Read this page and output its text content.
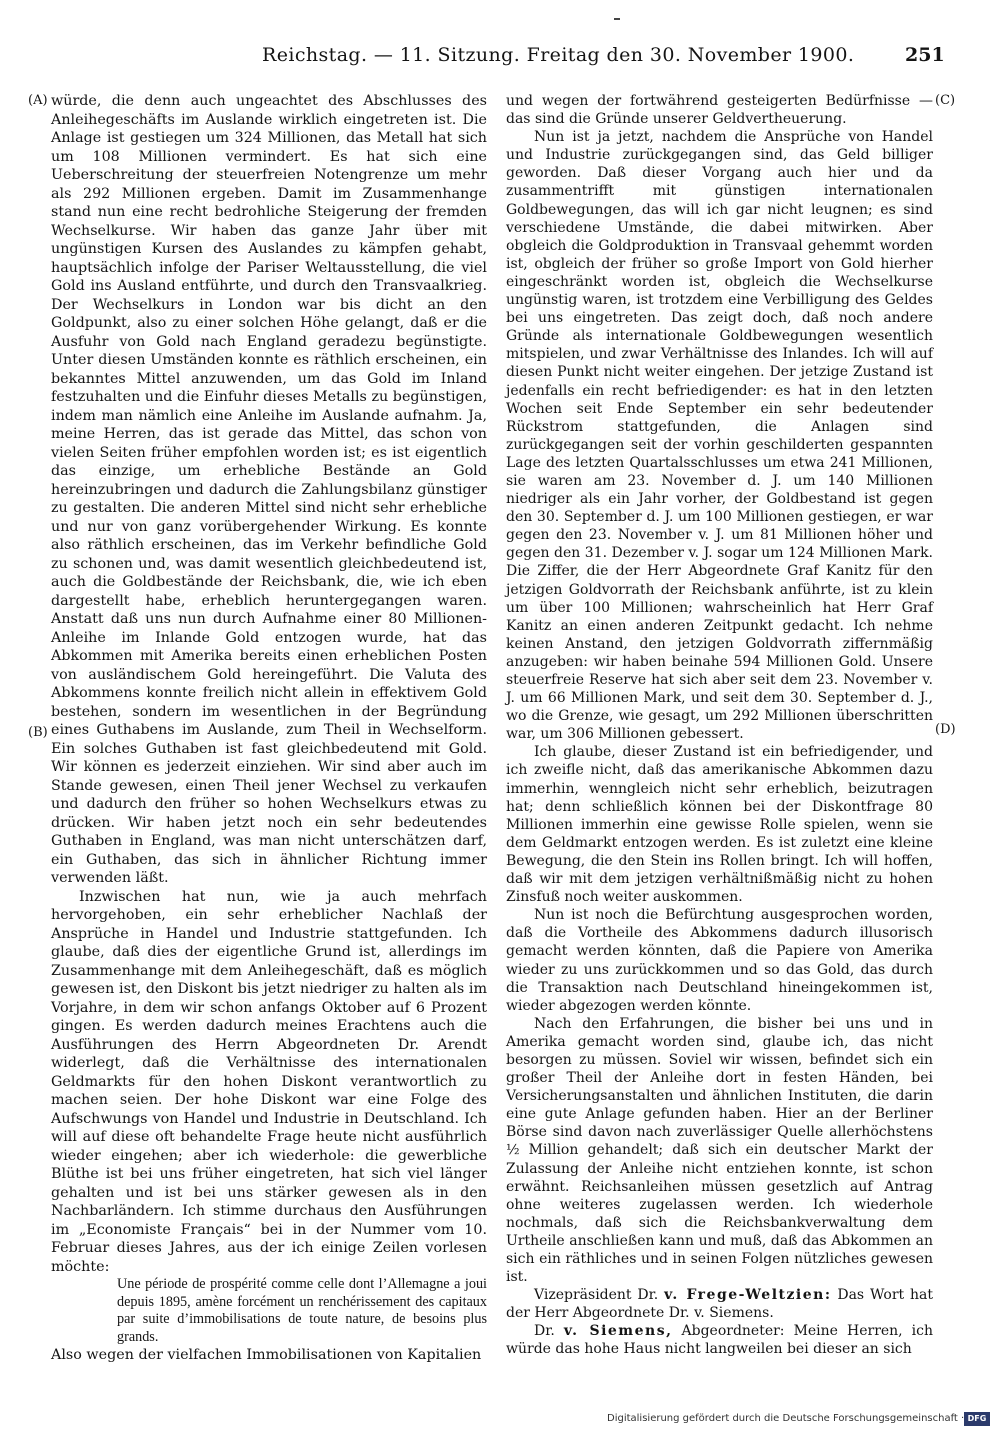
Reichstag. — 11. Sitzung. Freitag den 30. November 1900.	251
(A)
(B)
(C)
(D)

würde, die denn auch ungeachtet des Abschlusses des Anleihegeschäfts im Auslande wirklich eingetreten ist. Die Anlage ist gestiegen um 324 Millionen, das Metall hat sich um 108 Millionen vermindert. Es hat sich eine Ueberschreitung der steuerfreien Notengrenze um mehr als 292 Millionen ergeben. Damit im Zusammenhange stand nun eine recht bedrohliche Steigerung der fremden Wechselkurse. Wir haben das ganze Jahr über mit ungünstigen Kursen des Auslandes zu kämpfen gehabt, hauptsächlich infolge der Pariser Weltausstellung, die viel Gold ins Ausland entführte, und durch den Transvaalkrieg. Der Wechselkurs in London war bis dicht an den Goldpunkt, also zu einer solchen Höhe gelangt, daß er die Ausfuhr von Gold nach England geradezu begünstigte. Unter diesen Umständen konnte es räthlich erscheinen, ein bekanntes Mittel anzuwenden, um das Gold im Inland festzuhalten und die Einfuhr dieses Metalls zu begünstigen, indem man nämlich eine Anleihe im Auslande aufnahm. Ja, meine Herren, das ist gerade das Mittel, das schon von vielen Seiten früher empfohlen worden ist; es ist eigentlich das einzige, um erhebliche Bestände an Gold hereinzubringen und dadurch die Zahlungsbilanz günstiger zu gestalten. Die anderen Mittel sind nicht sehr erhebliche und nur von ganz vorübergehender Wirkung. Es konnte also räthlich erscheinen, das im Verkehr befindliche Gold zu schonen und, was damit wesentlich gleichbedeutend ist, auch die Goldbestände der Reichsbank, die, wie ich eben dargestellt habe, erheblich heruntergegangen waren. Anstatt daß uns nun durch Aufnahme einer 80 Millionen-Anleihe im Inlande Gold entzogen wurde, hat das Abkommen mit Amerika bereits einen erheblichen Posten von ausländischem Gold hereingeführt. Die Valuta des Abkommens konnte freilich nicht allein in effektivem Gold bestehen, sondern im wesentlichen in der Begründung eines Guthabens im Auslande, zum Theil in Wechselform. Ein solches Guthaben ist fast gleichbedeutend mit Gold. Wir können es jederzeit einziehen. Wir sind aber auch im Stande gewesen, einen Theil jener Wechsel zu verkaufen und dadurch den früher so hohen Wechselkurs etwas zu drücken. Wir haben jetzt noch ein sehr bedeutendes Guthaben in England, was man nicht unterschätzen darf, ein Guthaben, das sich in ähnlicher Richtung immer verwenden läßt.

Inzwischen hat nun, wie ja auch mehrfach hervorgehoben, ein sehr erheblicher Nachlaß der Ansprüche in Handel und Industrie stattgefunden. Ich glaube, daß dies der eigentliche Grund ist, allerdings im Zusammenhange mit dem Anleihegeschäft, daß es möglich gewesen ist, den Diskont bis jetzt niedriger zu halten als im Vorjahre, in dem wir schon anfangs Oktober auf 6 Prozent gingen. Es werden dadurch meines Erachtens auch die Ausführungen des Herrn Abgeordneten Dr. Arendt widerlegt, daß die Verhältnisse des internationalen Geldmarkts für den hohen Diskont verantwortlich zu machen seien. Der hohe Diskont war eine Folge des Aufschwungs von Handel und Industrie in Deutschland. Ich will auf diese oft behandelte Frage heute nicht ausführlich wieder eingehen; aber ich wiederhole: die gewerbliche Blüthe ist bei uns früher eingetreten, hat sich viel länger gehalten und ist bei uns stärker gewesen als in den Nachbarländern. Ich stimme durchaus den Ausführungen im „Economiste Français“ bei in der Nummer vom 10. Februar dieses Jahres, aus der ich einige Zeilen vorlesen möchte:

Une période de prospérité comme celle dont l’Allemagne a joui depuis 1895, amène forcément un renchérissement des capitaux par suite d’immobilisations de toute nature, de besoins plus grands.

Also wegen der vielfachen Immobilisationen von Kapitalien

und wegen der fortwährend gesteigerten Bedürfnisse — das sind die Gründe unserer Geldvertheuerung.

Nun ist ja jetzt, nachdem die Ansprüche von Handel und Industrie zurückgegangen sind, das Geld billiger geworden. Daß dieser Vorgang auch hier und da zusammentrifft mit günstigen internationalen Goldbewegungen, das will ich gar nicht leugnen; es sind verschiedene Umstände, die dabei mitwirken. Aber obgleich die Goldproduktion in Transvaal gehemmt worden ist, obgleich der früher so große Import von Gold hierher eingeschränkt worden ist, obgleich die Wechselkurse ungünstig waren, ist trotzdem eine Verbilligung des Geldes bei uns eingetreten. Das zeigt doch, daß noch andere Gründe als internationale Goldbewegungen wesentlich mitspielen, und zwar Verhältnisse des Inlandes. Ich will auf diesen Punkt nicht weiter eingehen. Der jetzige Zustand ist jedenfalls ein recht befriedigender: es hat in den letzten Wochen seit Ende September ein sehr bedeutender Rückstrom stattgefunden, die Anlagen sind zurückgegangen seit der vorhin geschilderten gespannten Lage des letzten Quartalsschlusses um etwa 241 Millionen, sie waren am 23. November d. J. um 140 Millionen niedriger als ein Jahr vorher, der Goldbestand ist gegen den 30. September d. J. um 100 Millionen gestiegen, er war gegen den 23. November v. J. um 81 Millionen höher und gegen den 31. Dezember v. J. sogar um 124 Millionen Mark. Die Ziffer, die der Herr Abgeordnete Graf Kanitz für den jetzigen Goldvorrath der Reichsbank anführte, ist zu klein um über 100 Millionen; wahrscheinlich hat Herr Graf Kanitz an einen anderen Zeitpunkt gedacht. Ich nehme keinen Anstand, den jetzigen Goldvorrath ziffernmäßig anzugeben: wir haben beinahe 594 Millionen Gold. Unsere steuerfreie Reserve hat sich aber seit dem 23. November v. J. um 66 Millionen Mark, und seit dem 30. September d. J., wo die Grenze, wie gesagt, um 292 Millionen überschritten war, um 306 Millionen gebessert.

Ich glaube, dieser Zustand ist ein befriedigender, und ich zweifle nicht, daß das amerikanische Abkommen dazu immerhin, wenngleich nicht sehr erheblich, beizutragen hat; denn schließlich können bei der Diskontfrage 80 Millionen immerhin eine gewisse Rolle spielen, wenn sie dem Geldmarkt entzogen werden. Es ist zuletzt eine kleine Bewegung, die den Stein ins Rollen bringt. Ich will hoffen, daß wir mit dem jetzigen verhältnißmäßig nicht zu hohen Zinsfuß noch weiter auskommen.

Nun ist noch die Befürchtung ausgesprochen worden, daß die Vortheile des Abkommens dadurch illusorisch gemacht werden könnten, daß die Papiere von Amerika wieder zu uns zurückkommen und so das Gold, das durch die Transaktion nach Deutschland hineingekommen ist, wieder abgezogen werden könnte.

Nach den Erfahrungen, die bisher bei uns und in Amerika gemacht worden sind, glaube ich, das nicht besorgen zu müssen. Soviel wir wissen, befindet sich ein großer Theil der Anleihe dort in festen Händen, bei Versicherungsanstalten und ähnlichen Instituten, die darin eine gute Anlage gefunden haben. Hier an der Berliner Börse sind davon nach zuverlässiger Quelle allerhöchstens ½ Million gehandelt; daß sich ein deutscher Markt der Zulassung der Anleihe nicht entziehen konnte, ist schon erwähnt. Reichsanleihen müssen gesetzlich auf Antrag ohne weiteres zugelassen werden. Ich wiederhole nochmals, daß sich die Reichsbankverwaltung dem Urtheile anschließen kann und muß, daß das Abkommen an sich ein räthliches und in seinen Folgen nützliches gewesen ist.

Vizepräsident Dr. v. Frege-Weltzien: Das Wort hat der Herr Abgeordnete Dr. v. Siemens.

Dr. v. Siemens, Abgeordneter: Meine Herren, ich würde das hohe Haus nicht langweilen bei dieser an sich

Digitalisierung gefördert durch die Deutsche Forschungsgemeinschaft · DFG
